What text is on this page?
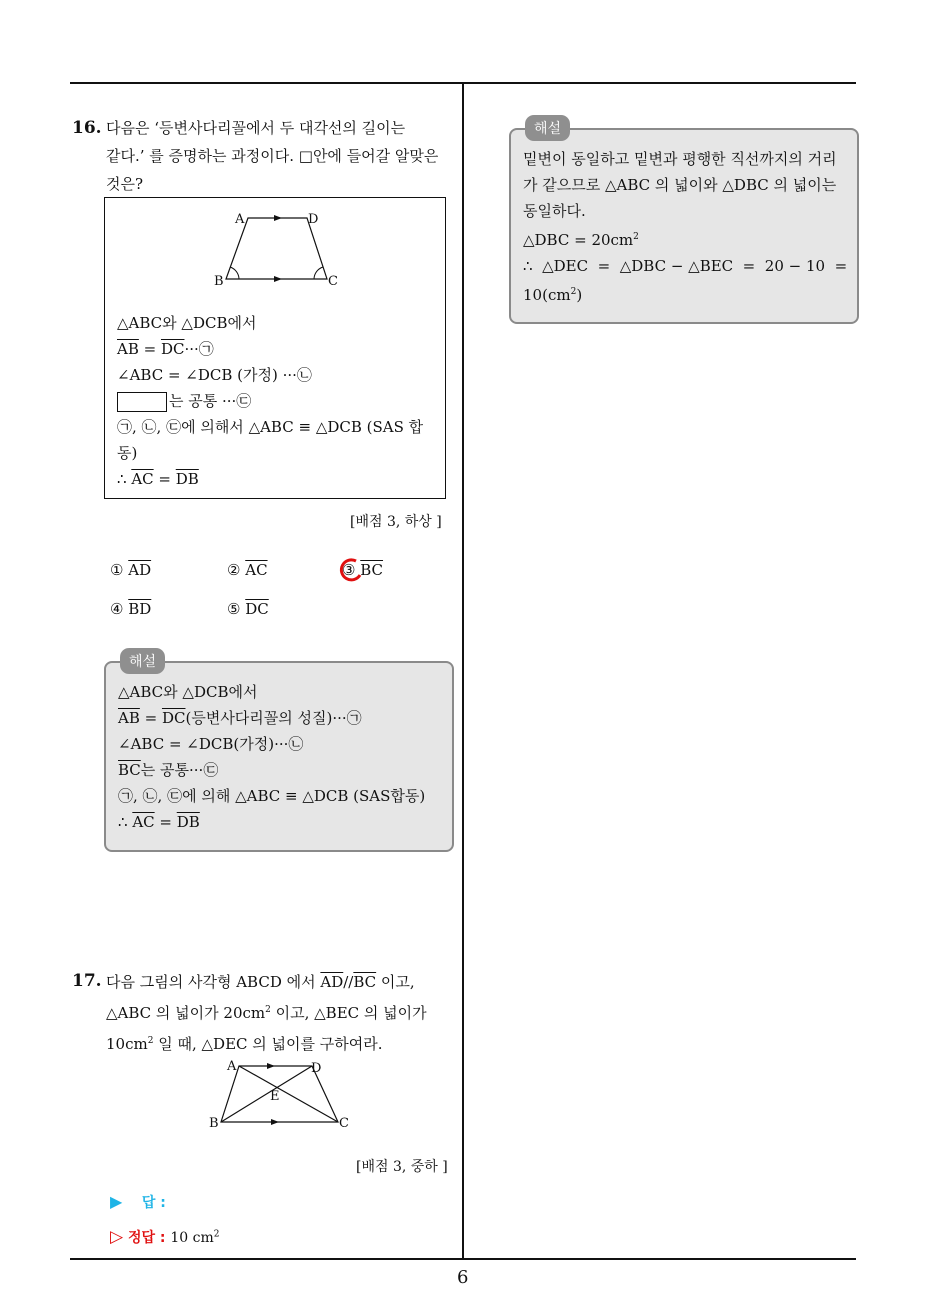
16. 다음은 ‘등변사다리꼴에서 두 대각선의 길이는
같다.’ 를 증명하는 과정이다. □안에 들어갈 알맞은
것은?
A	D
B	C
△ABC와 △DCB에서
$\overline{AB}$ = $\overline{DC}\cdot\cdot\cdot㉠$
∠ABC = ∠DCB (가정) ···㉡
는 공통 ···㉢
㉠, ㉡, ㉢에 의해서 △ABC ≡ △DCB (SAS 합
동)
∴ $\overline{AC} = \overline{DB}$
[배점 3, 하상 ]
① $\overline{AD}$	② $\overline{AC}$	③ $\overline{BC}$
④ $\overline{BD}$	⑤ $\overline{DC}$
해설
△ABC와 △DCB에서
$\overline{AB} = \overline{DC}$(등변사다리꼴의 성질)···㉠
∠ABC = ∠DCB(가정)···㉡
$\overline{BC}$는 공통···㉢
㉠, ㉡, ㉢에 의해 △ABC ≡ △DCB (SAS합동)
∴ $\overline{AC} = \overline{DB}$
17. 다음 그림의 사각형 ABCD 에서 $\overline{AD}//\overline{BC}$ 이고,
△ABC 의 넓이가 $20cm^2$ 이고, △BEC 의 넓이가
$10cm^2$ 일 때, △DEC 의 넓이를 구하여라.
A	D
E
B	C
[배점 3, 중하 ]
▶ 답 :
▷ 정답 : 10 $cm^2$
해설
밑변이 동일하고 밑변과 평행한 직선까지의 거리
가 같으므로 △ABC 의 넓이와 △DBC 의 넓이는
동일하다.
△DBC = $20cm^2$
∴  △DEC  =  △DBC − △BEC  =  20 − 10  =
$10(cm^2)$
6
